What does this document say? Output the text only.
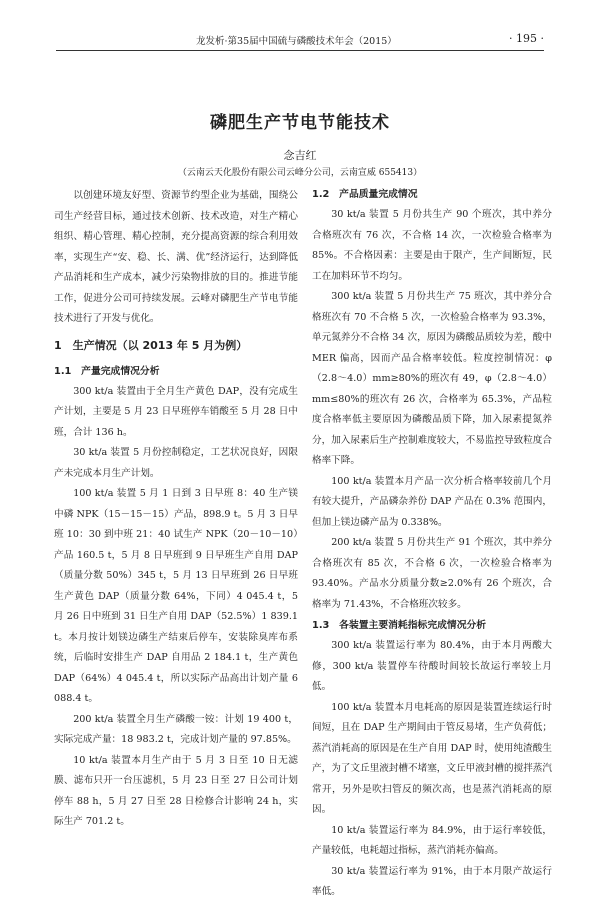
龙发析·第35届中国硫与磷酸技术年会（2015）	· 195 ·
磷肥生产节电节能技术
念吉红
（云南云天化股份有限公司云峰分公司，云南宣威 655413）

以创建环境友好型、资源节约型企业为基础，围绕公司生产经营目标，通过技术创新、技术改造，对生产精心组织、精心管理、精心控制，充分提高资源的综合利用效率，实现生产“安、稳、长、满、优”经济运行，达到降低产品消耗和生产成本，减少污染物排放的目的。推进节能工作，促进分公司可持续发展。云峰对磷肥生产节电节能技术进行了开发与优化。

1　生产情况（以 2013 年 5 月为例）
1.1　产量完成情况分析

300 kt/a 装置由于全月生产黄色 DAP，没有完成生产计划，主要是 5 月 23 日早班停车销酸至 5 月 28 日中班，合计 136 h。

30 kt/a 装置 5 月份控制稳定，工艺状况良好，因限产未完成本月生产计划。

100 kt/a 装置 5 月 1 日到 3 日早班 8：40 生产镁中磷 NPK（15－15－15）产品，898.9 t。5 月 3 日早班 10：30 到中班 21：40 试生产 NPK（20－10－10）产品 160.5 t，5 月 8 日早班到 9 日早班生产自用 DAP（质量分数 50%）345 t，5 月 13 日早班到 26 日早班生产黄色 DAP（质量分数 64%，下同）4 045.4 t，5 月 26 日中班到 31 日生产自用 DAP（52.5%）1 839.1 t。本月按计划镁边磷生产结束后停车，安装除臭库布系统，后临时安排生产 DAP 自用品 2 184.1 t，生产黄色 DAP（64%）4 045.4 t，所以实际产品高出计划产量 6 088.4 t。

200 kt/a 装置全月生产磷酸一铵：计划 19 400 t，实际完成产量：18 983.2 t，完成计划产量的 97.85%。

10 kt/a 装置本月生产由于 5 月 3 日至 10 日无滤膜、滤布只开一台压滤机，5 月 23 日至 27 日公司计划停车 88 h，5 月 27 日至 28 日检修合计影响 24 h，实际生产 701.2 t。

1.2　产品质量完成情况

30 kt/a 装置 5 月份共生产 90 个班次，其中养分合格班次有 76 次，不合格 14 次，一次检验合格率为 85%。不合格因素：主要是由于限产，生产间断短，民工在加料环节不均匀。

300 kt/a 装置 5 月份共生产 75 班次，其中养分合格班次有 70 不合格 5 次，一次检验合格率为 93.3%，单元氮养分不合格 34 次，原因为磷酸品质较为差，酸中 MER 偏高，因而产品合格率较低。粒度控制情况：φ（2.8～4.0）mm≥80%的班次有 49，φ（2.8～4.0）mm≤80%的班次有 26 次，合格率为 65.3%，产品粒度合格率低主要原因为磷酸品质下降，加入尿素提氮养分，加入尿素后生产控制难度较大，不易监控导致粒度合格率下降。

100 kt/a 装置本月产品一次分析合格率较前几个月有较大提升，产品磷杂养份 DAP 产品在 0.3% 范围内，但加上镁边磷产品为 0.338%。

200 kt/a 装置 5 月份共生产 91 个班次，其中养分合格班次有 85 次，不合格 6 次，一次检验合格率为 93.40%。产品水分质量分数≥2.0%有 26 个班次，合格率为 71.43%，不合格班次较多。

1.3　各装置主要消耗指标完成情况分析

300 kt/a 装置运行率为 80.4%，由于本月两酸大修，300 kt/a 装置停车待酸时间较长故运行率较上月低。

100 kt/a 装置本月电耗高的原因是装置连续运行时间短，且在 DAP 生产期间由于管反易堵，生产负荷低；蒸汽消耗高的原因是在生产自用 DAP 时，使用纯渣酸生产，为了文丘里液封槽不堵塞，文丘甲液封槽的搅拌蒸汽常开，另外是吹扫管反的频次高，也是蒸汽消耗高的原因。

10 kt/a 装置运行率为 84.9%，由于运行率较低，产量较低，电耗超过指标，蒸汽消耗亦偏高。

30 kt/a 装置运行率为 91%，由于本月限产故运行率低。
